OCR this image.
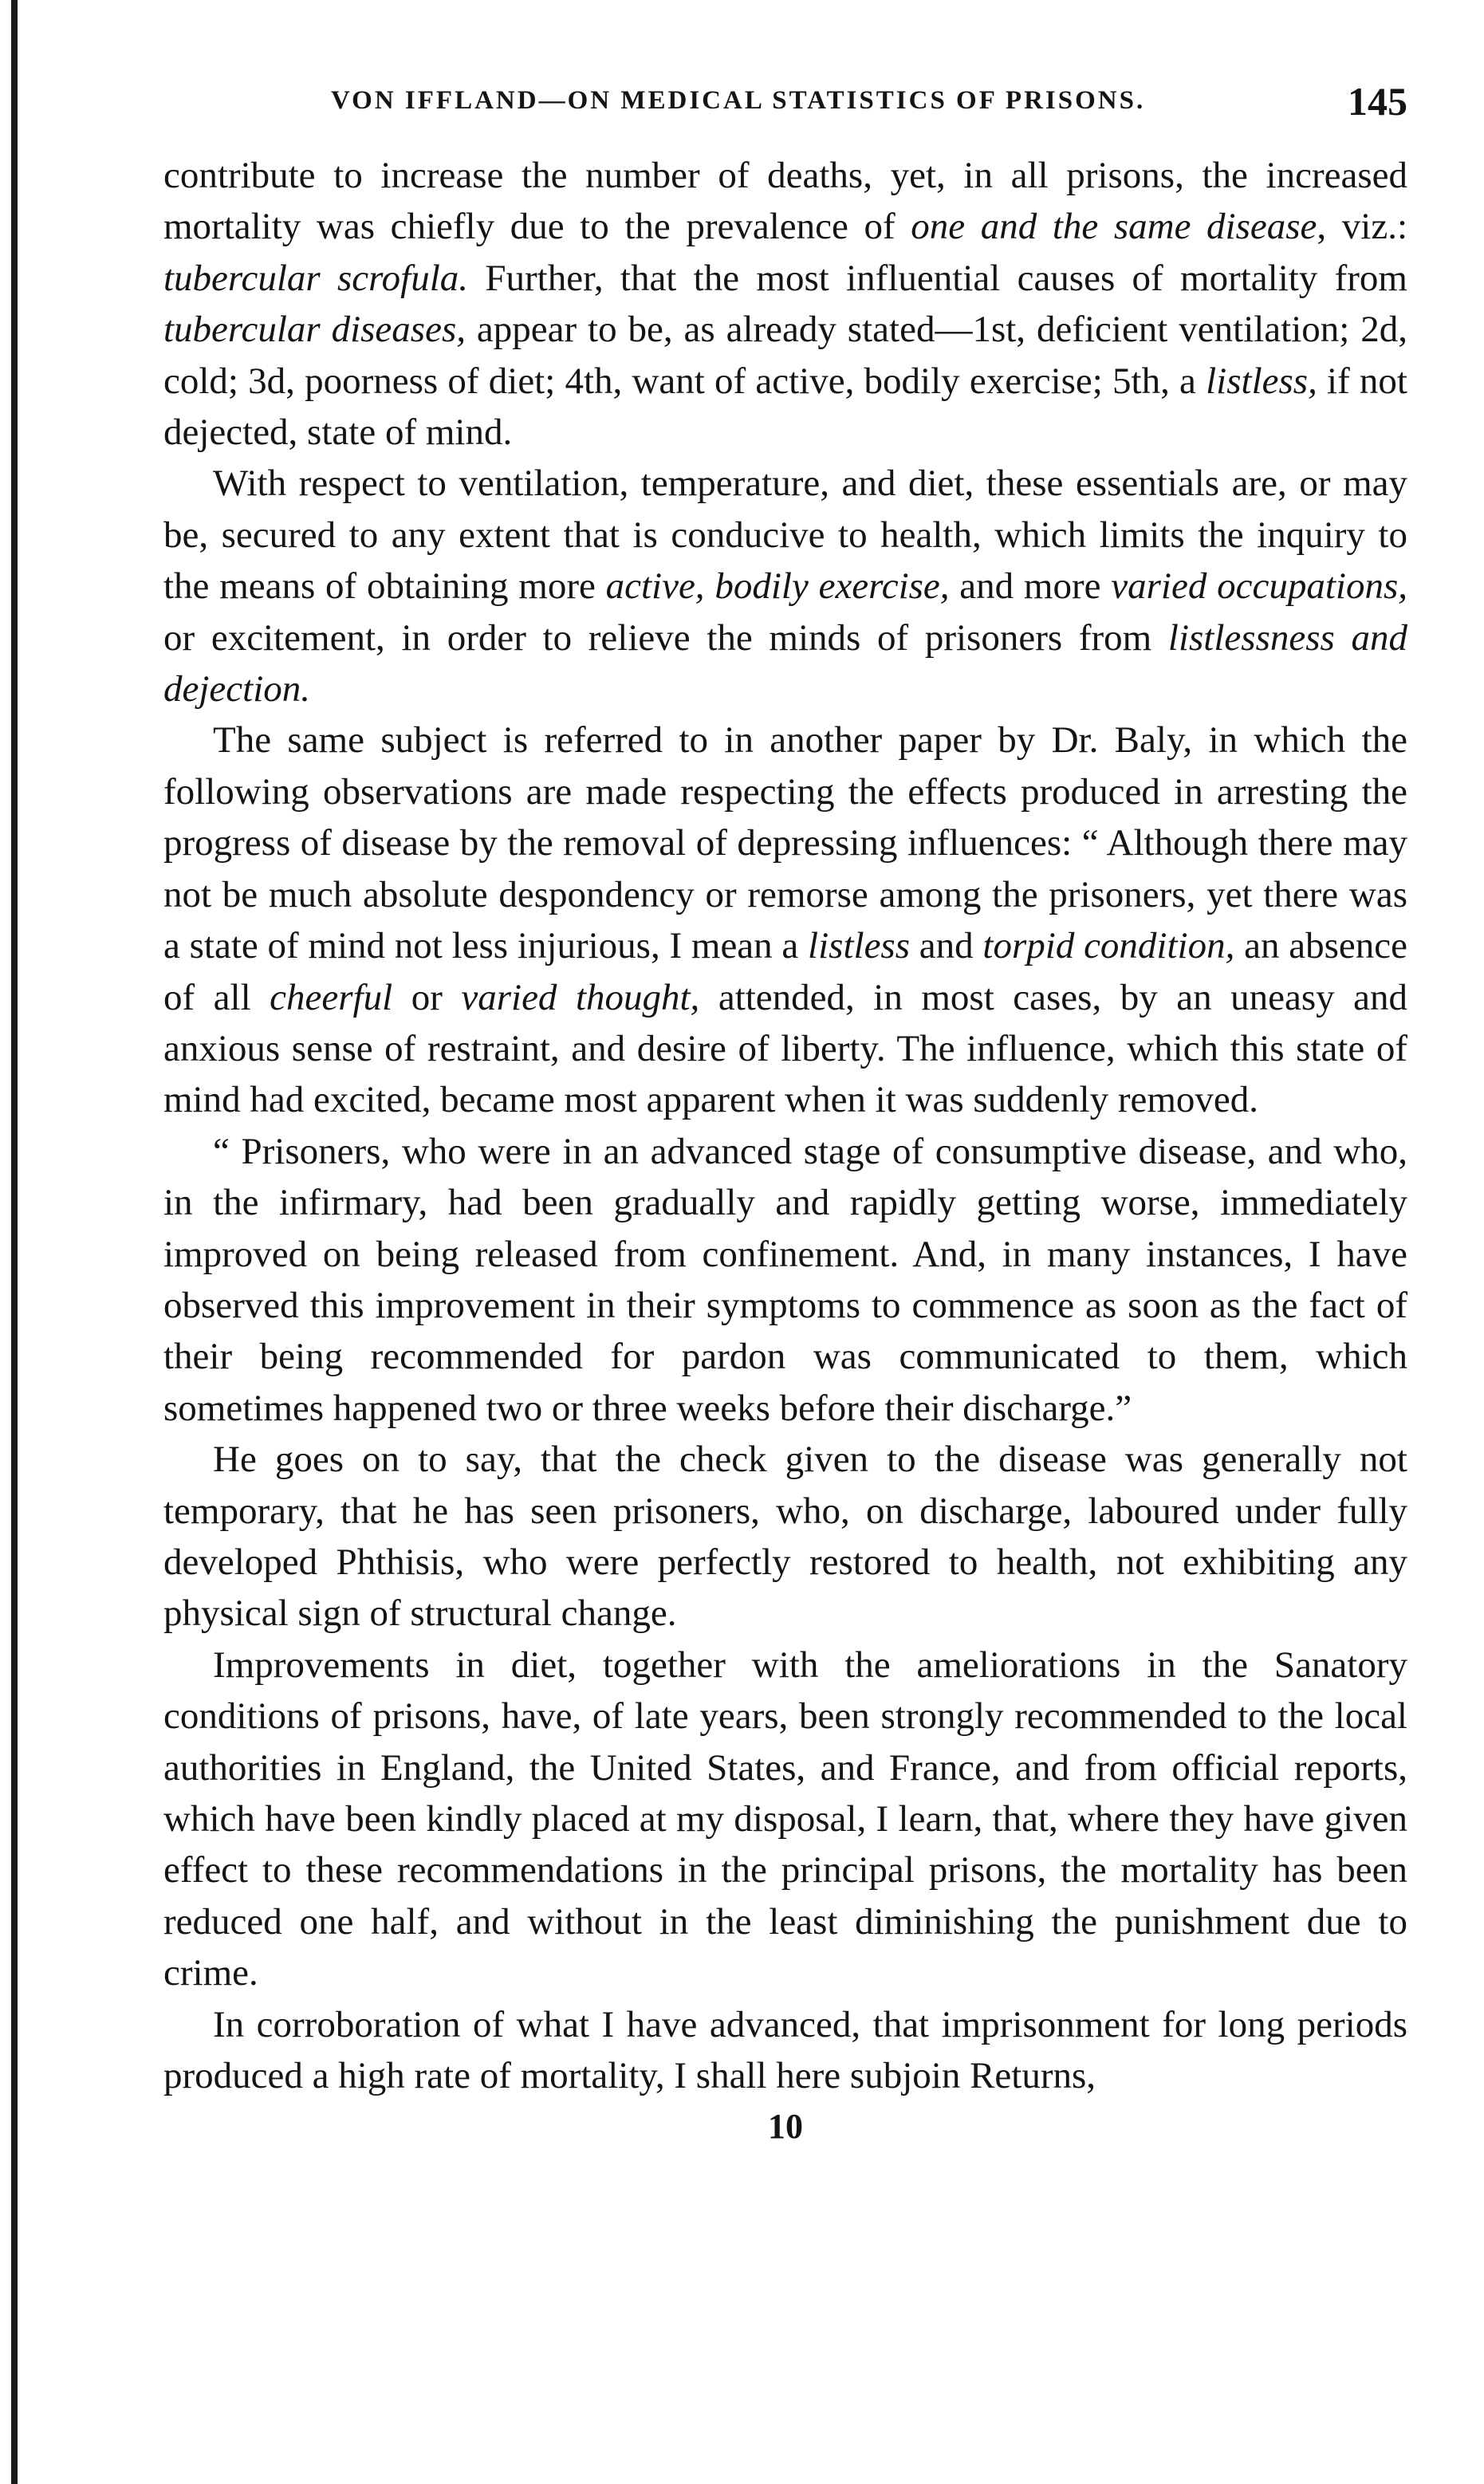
VON IFFLAND—ON MEDICAL STATISTICS OF PRISONS.	145

contribute to increase the number of deaths, yet, in all prisons, the increased mortality was chiefly due to the prevalence of one and the same disease, viz.: tubercular scrofula. Further, that the most influential causes of mortality from tubercular diseases, appear to be, as already stated—1st, deficient ventilation; 2d, cold; 3d, poorness of diet; 4th, want of active, bodily exercise; 5th, a listless, if not dejected, state of mind.

With respect to ventilation, temperature, and diet, these essentials are, or may be, secured to any extent that is conducive to health, which limits the inquiry to the means of obtaining more active, bodily exercise, and more varied occupations, or excitement, in order to relieve the minds of prisoners from listlessness and dejection.

The same subject is referred to in another paper by Dr. Baly, in which the following observations are made respecting the effects produced in arresting the progress of disease by the removal of depressing influences: “ Although there may not be much absolute despondency or remorse among the prisoners, yet there was a state of mind not less injurious, I mean a listless and torpid condition, an absence of all cheerful or varied thought, attended, in most cases, by an uneasy and anxious sense of restraint, and desire of liberty. The influence, which this state of mind had excited, became most apparent when it was suddenly removed.

“ Prisoners, who were in an advanced stage of consumptive disease, and who, in the infirmary, had been gradually and rapidly getting worse, immediately improved on being released from confinement. And, in many instances, I have observed this improvement in their symptoms to commence as soon as the fact of their being recommended for pardon was communicated to them, which sometimes happened two or three weeks before their discharge.”

He goes on to say, that the check given to the disease was generally not temporary, that he has seen prisoners, who, on discharge, laboured under fully developed Phthisis, who were perfectly restored to health, not exhibiting any physical sign of structural change.

Improvements in diet, together with the ameliorations in the Sanatory conditions of prisons, have, of late years, been strongly recommended to the local authorities in England, the United States, and France, and from official reports, which have been kindly placed at my disposal, I learn, that, where they have given effect to these recommendations in the principal prisons, the mortality has been reduced one half, and without in the least diminishing the punishment due to crime.

In corroboration of what I have advanced, that imprisonment for long periods produced a high rate of mortality, I shall here subjoin Returns,

10
